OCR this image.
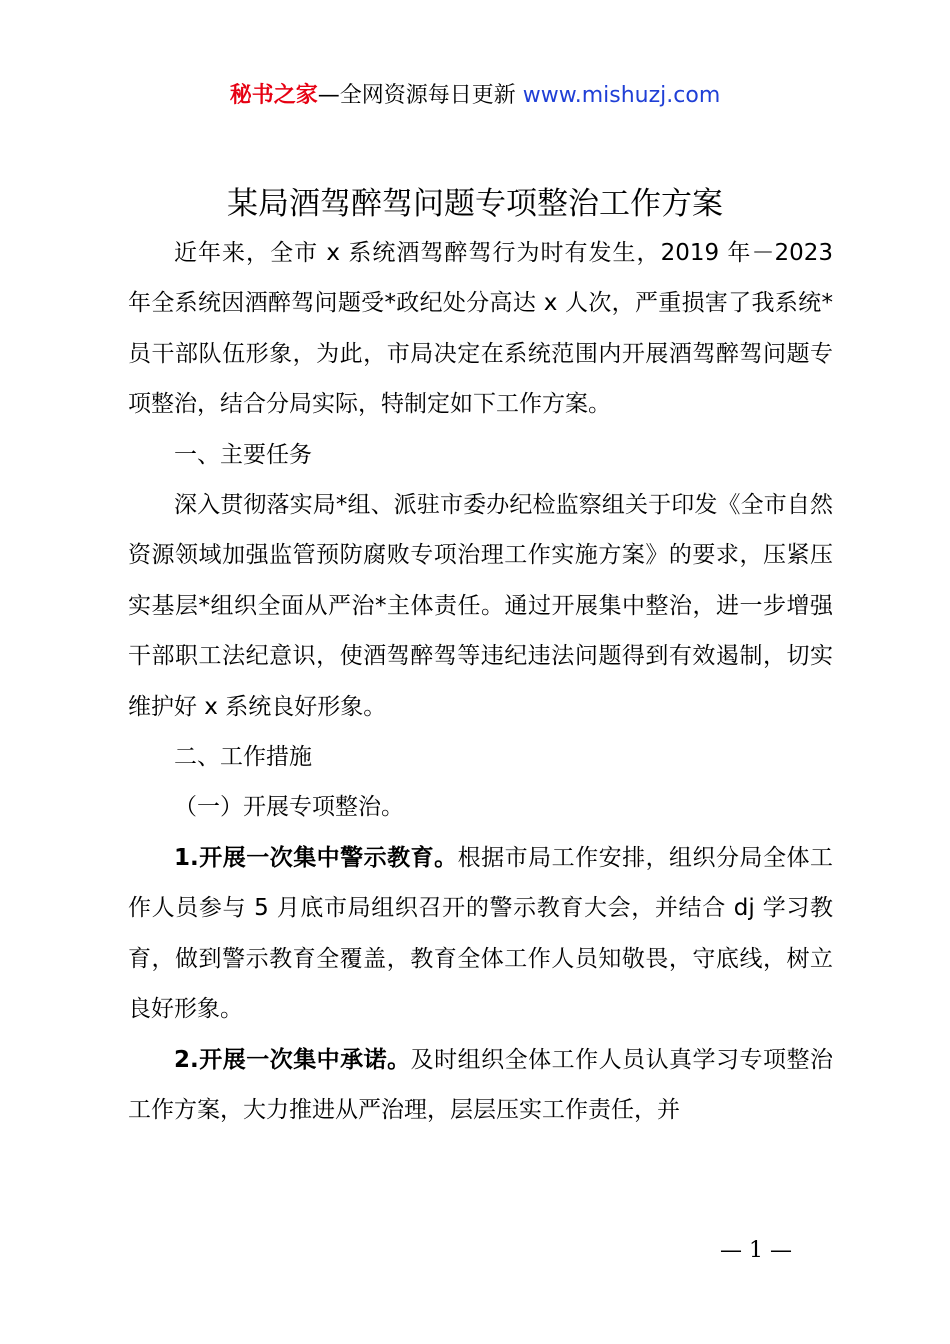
秘书之家—全网资源每日更新 www.mishuzj.com
某局酒驾醉驾问题专项整治工作方案

近年来，全市 x 系统酒驾醉驾行为时有发生，2019 年－2023 年全系统因酒醉驾问题受*政纪处分高达 x 人次，严重损害了我系统*员干部队伍形象，为此，市局决定在系统范围内开展酒驾醉驾问题专项整治，结合分局实际，特制定如下工作方案。

一、主要任务

深入贯彻落实局*组、派驻市委办纪检监察组关于印发《全市自然资源领域加强监管预防腐败专项治理工作实施方案》的要求，压紧压实基层*组织全面从严治*主体责任。通过开展集中整治，进一步增强干部职工法纪意识，使酒驾醉驾等违纪违法问题得到有效遏制，切实维护好 x 系统良好形象。

二、工作措施

（一）开展专项整治。

1.开展一次集中警示教育。根据市局工作安排，组织分局全体工作人员参与 5 月底市局组织召开的警示教育大会，并结合 dj 学习教育，做到警示教育全覆盖，教育全体工作人员知敬畏，守底线，树立良好形象。

2.开展一次集中承诺。及时组织全体工作人员认真学习专项整治工作方案，大力推进从严治理，层层压实工作责任，并

— 1 —
